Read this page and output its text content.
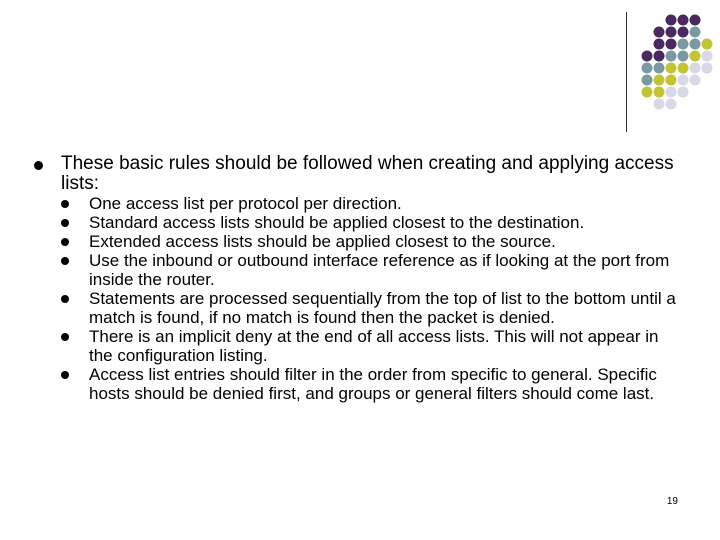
These basic rules should be followed when creating and applying access lists:
One access list per protocol per direction.
Standard access lists should be applied closest to the destination.
Extended access lists should be applied closest to the source.
Use the inbound or outbound interface reference as if looking at the port from inside the router.
Statements are processed sequentially from the top of list to the bottom until a match is found, if no match is found then the packet is denied.
There is an implicit deny at the end of all access lists. This will not appear in the configuration listing.
Access list entries should filter in the order from specific to general. Specific hosts should be denied first, and groups or general filters should come last.
19
